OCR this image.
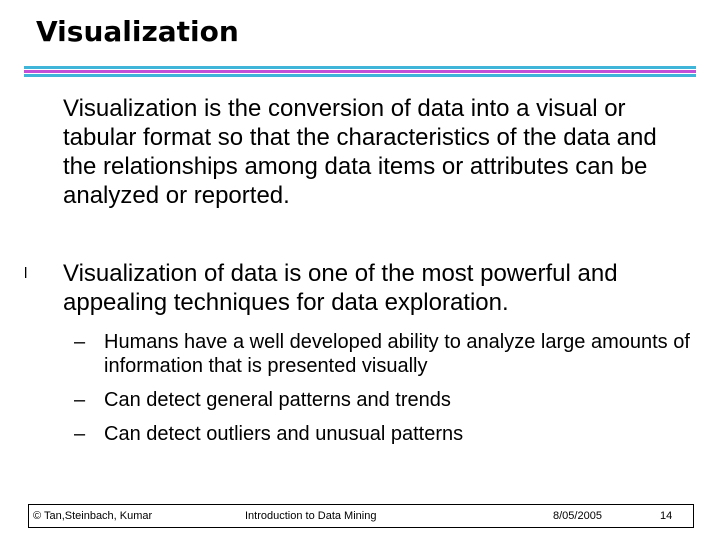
Visualization
Visualization is the conversion of data into a visual or tabular format so that the characteristics of the data and the relationships among data items or attributes can be analyzed or reported.
l	Visualization of data is one of the most powerful and appealing techniques for data exploration.
– Humans have a well developed ability to analyze large amounts of information that is presented visually
– Can detect general patterns and trends
– Can detect outliers and unusual patterns
© Tan,Steinbach, Kumar	Introduction to Data Mining	8/05/2005	14
